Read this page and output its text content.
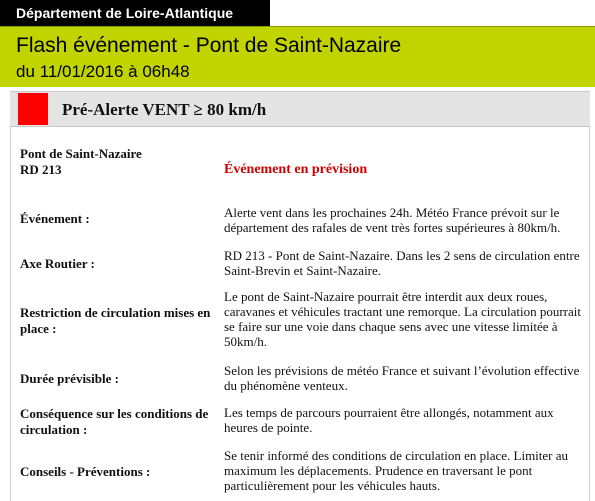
Département de Loire-Atlantique
Flash événement - Pont de Saint-Nazaire
du 11/01/2016 à 06h48
Pré-Alerte VENT ≥ 80 km/h
Pont de Saint-Nazaire
RD 213	Événement en prévision
Événement :	Alerte vent dans les prochaines 24h. Météo France prévoit sur le département des rafales de vent très fortes supérieures à 80km/h.
Axe Routier :
RD 213 - Pont de Saint-Nazaire. Dans les 2 sens de circulation entre Saint-Brevin et Saint-Nazaire.
Restriction de circulation mises en place :
Le pont de Saint-Nazaire pourrait être interdit aux deux roues, caravanes et véhicules tractant une remorque. La circulation pourrait se faire sur une voie dans chaque sens avec une vitesse limitée à 50km/h.
Durée prévisible :
Selon les prévisions de météo France et suivant l’évolution effective du phénomène venteux.
Conséquence sur les conditions de circulation :
Les temps de parcours pourraient être allongés, notamment aux heures de pointe.
Conseils - Préventions :
Se tenir informé des conditions de circulation en place. Limiter au maximum les déplacements. Prudence en traversant le pont particulièrement pour les véhicules hauts.
